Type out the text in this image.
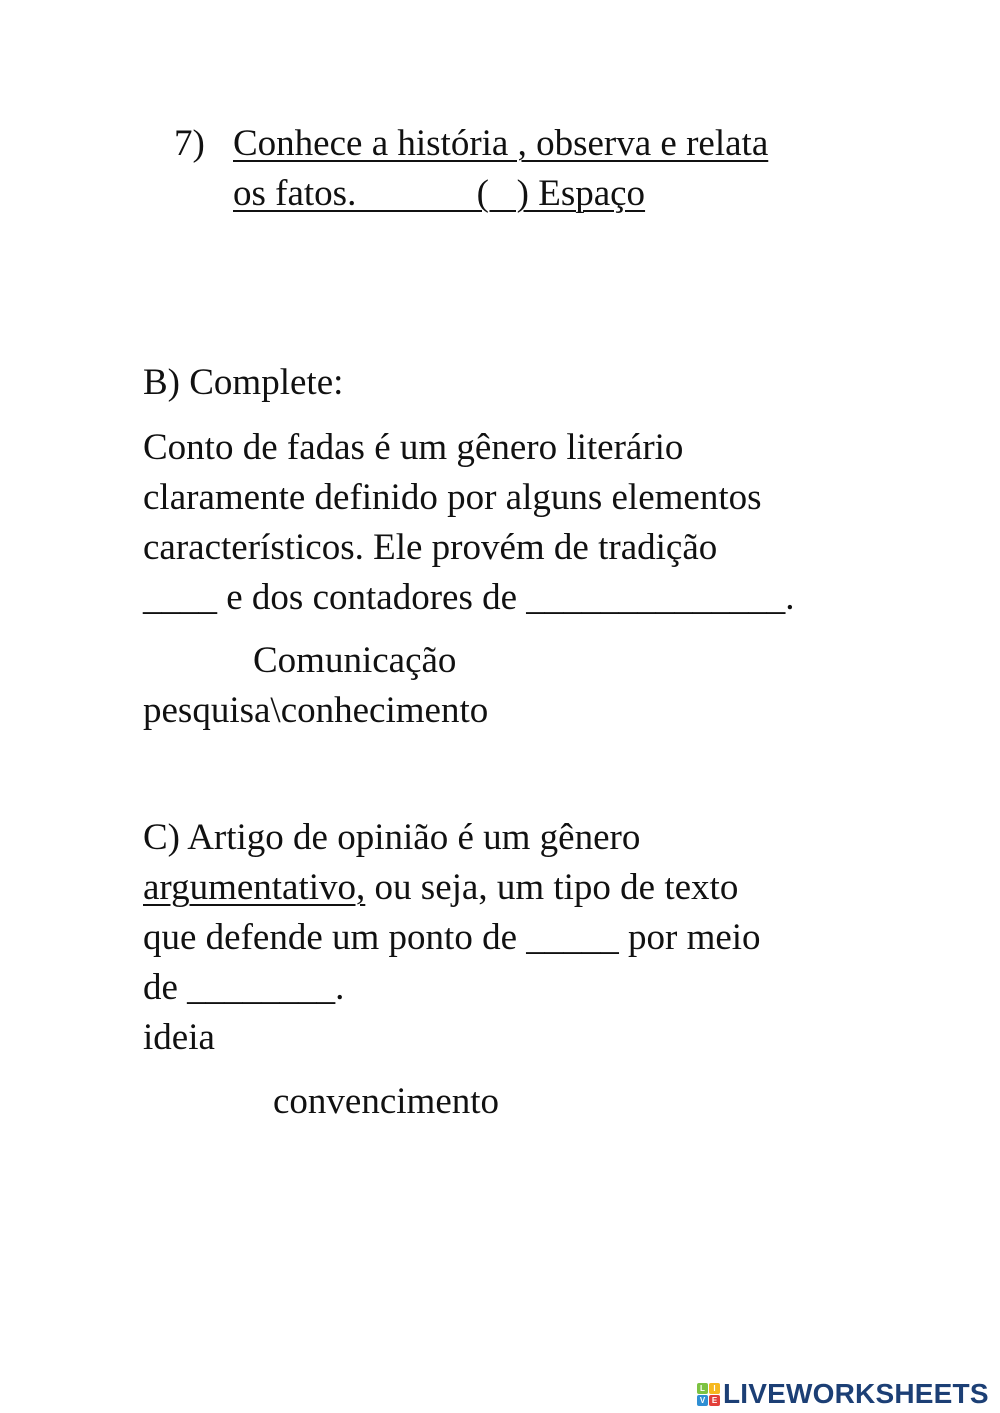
7) Conhece a história , observa e relata
os fatos.             (   ) Espaço
B) Complete:
Conto de fadas é um gênero literário
claramente definido por alguns elementos
característicos. Ele provém de tradição
____ e dos contadores de ______________.
Comunicação
pesquisa\conhecimento
C) Artigo de opinião é um gênero
argumentativo, ou seja, um tipo de texto
que defende um ponto de _____ por meio
de ________.
ideia
convencimento
L	I
V E LIVEWORKSHEETS
